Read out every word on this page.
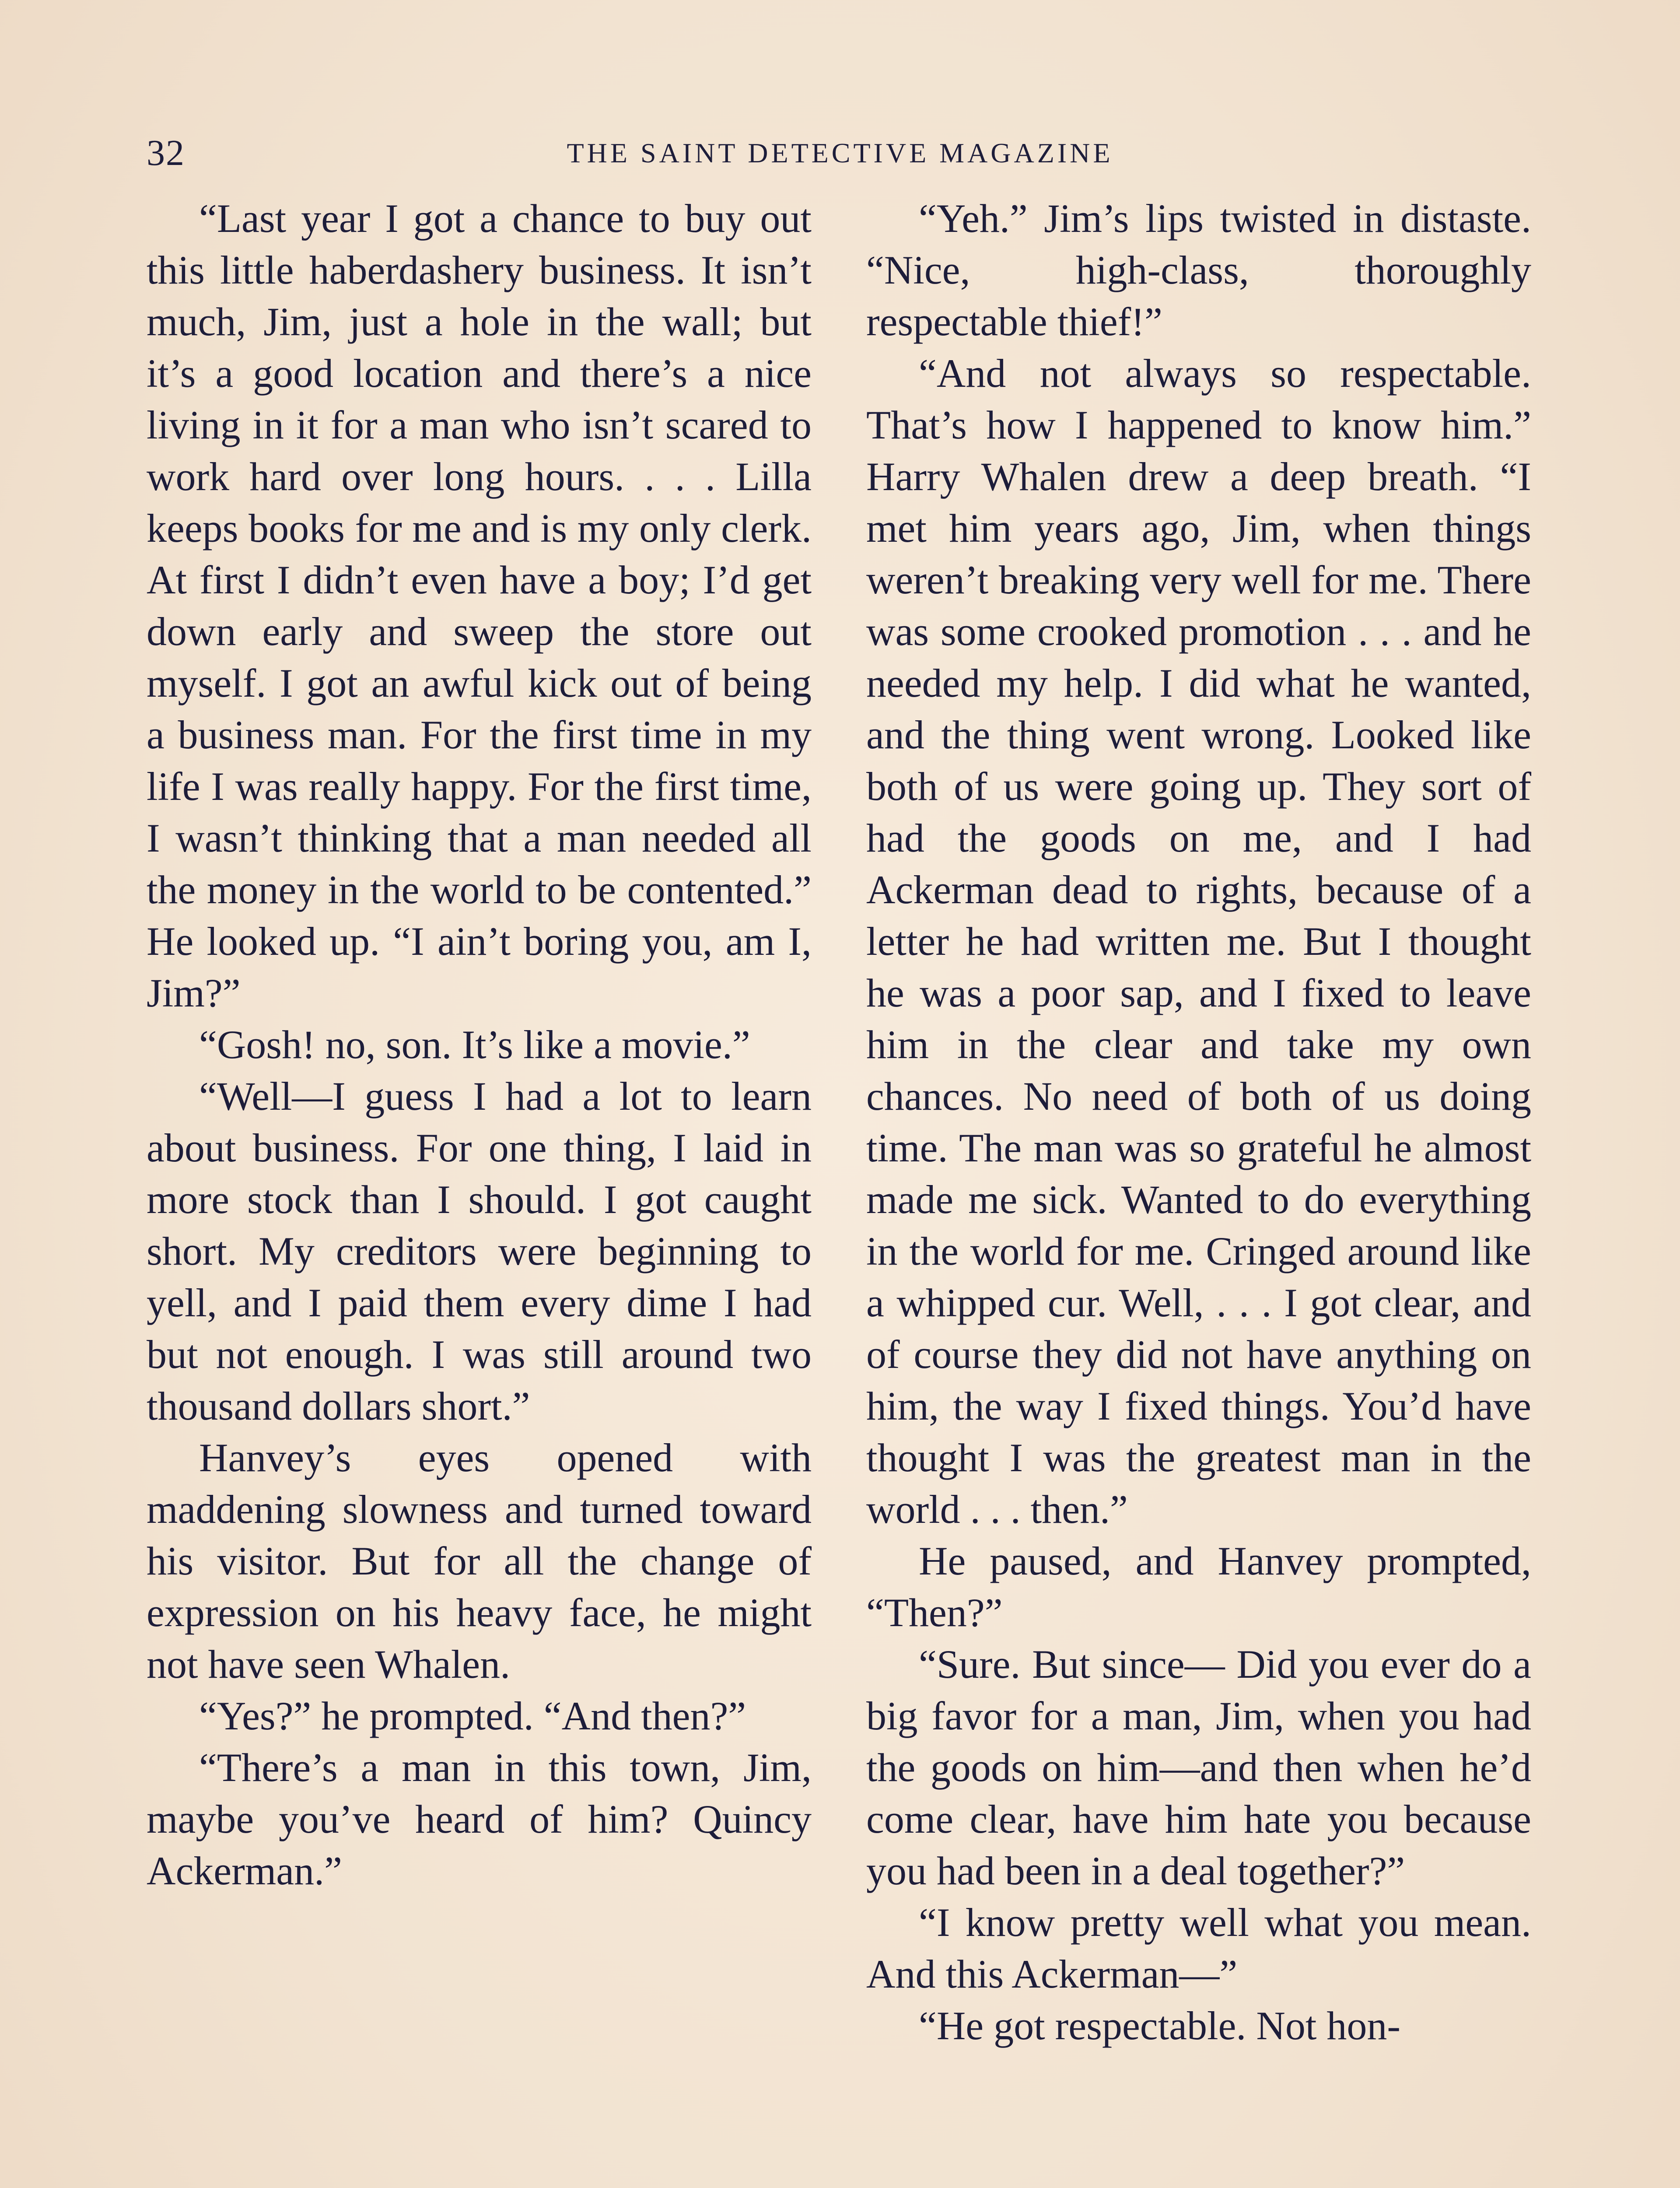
32	THE SAINT DETECTIVE MAGAZINE

“Last year I got a chance to buy out this little haberdashery business. It isn’t much, Jim, just a hole in the wall; but it’s a good location and there’s a nice living in it for a man who isn’t scared to work hard over long hours. . . . Lilla keeps books for me and is my only clerk. At first I didn’t even have a boy; I’d get down early and sweep the store out myself. I got an awful kick out of being a business man. For the first time in my life I was really happy. For the first time, I wasn’t thinking that a man needed all the money in the world to be contented.” He looked up. “I ain’t boring you, am I, Jim?”

“Gosh! no, son. It’s like a movie.”

“Well—I guess I had a lot to learn about business. For one thing, I laid in more stock than I should. I got caught short. My creditors were beginning to yell, and I paid them every dime I had but not enough. I was still around two thousand dollars short.”

Hanvey’s eyes opened with maddening slowness and turned toward his visitor. But for all the change of expression on his heavy face, he might not have seen Whalen.

“Yes?” he prompted. “And then?”

“There’s a man in this town, Jim, maybe you’ve heard of him? Quincy Ackerman.”

“Yeh.” Jim’s lips twisted in distaste. “Nice, high-class, thoroughly respectable thief!”

“And not always so respectable. That’s how I happened to know him.” Harry Whalen drew a deep breath. “I met him years ago, Jim, when things weren’t breaking very well for me. There was some crooked promotion . . . and he needed my help. I did what he wanted, and the thing went wrong. Looked like both of us were going up. They sort of had the goods on me, and I had Ackerman dead to rights, because of a letter he had written me. But I thought he was a poor sap, and I fixed to leave him in the clear and take my own chances. No need of both of us doing time. The man was so grateful he almost made me sick. Wanted to do everything in the world for me. Cringed around like a whipped cur. Well, . . . I got clear, and of course they did not have anything on him, the way I fixed things. You’d have thought I was the greatest man in the world . . . then.”

He paused, and Hanvey prompted, “Then?”

“Sure. But since— Did you ever do a big favor for a man, Jim, when you had the goods on him—and then when he’d come clear, have him hate you because you had been in a deal together?”

“I know pretty well what you mean. And this Ackerman—”

“He got respectable. Not hon-
